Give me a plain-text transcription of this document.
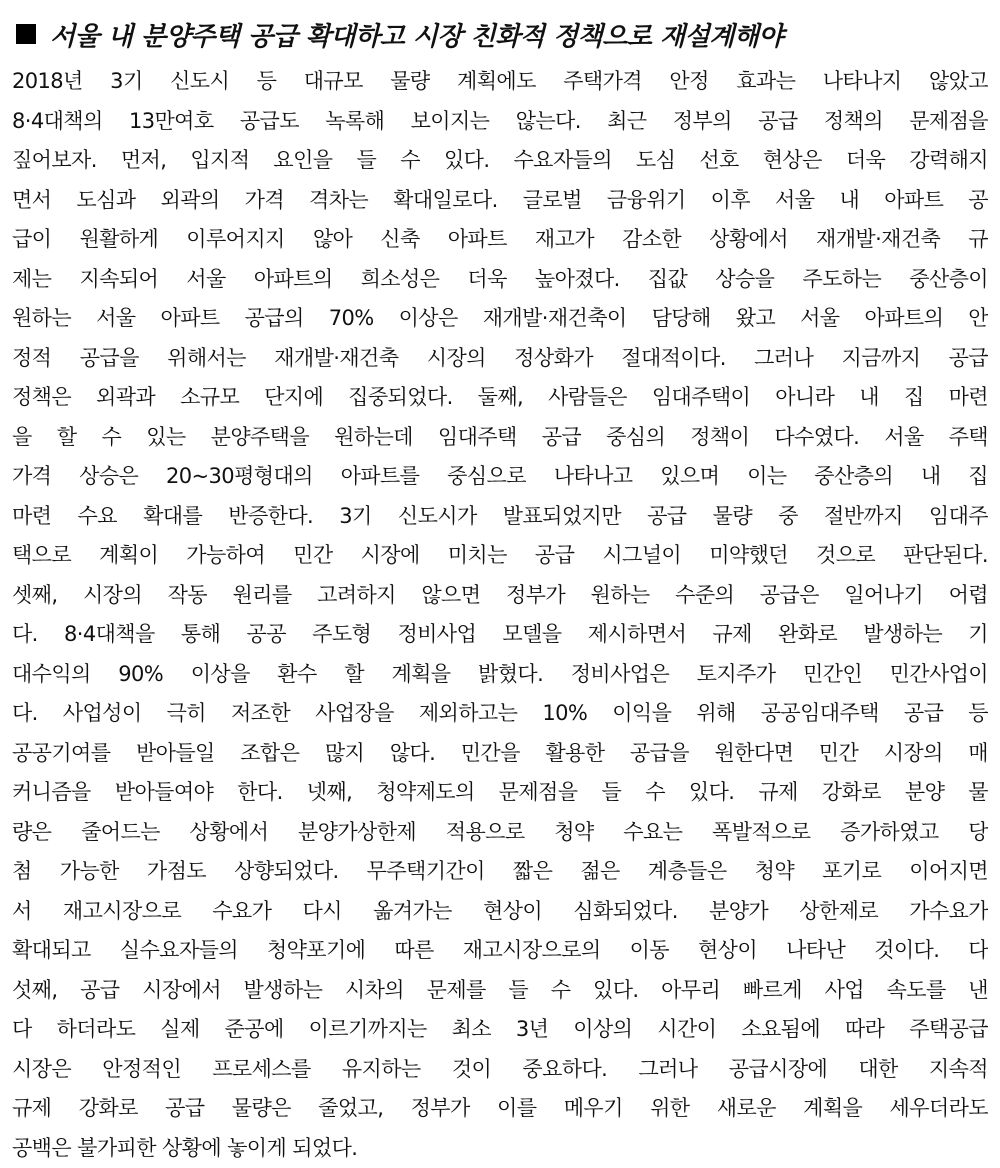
서울 내 분양주택 공급 확대하고 시장 친화적 정책으로 재설계해야
2018년 3기 신도시 등 대규모 물량 계획에도 주택가격 안정 효과는 나타나지 않았고
8·4대책의 13만여호 공급도 녹록해 보이지는 않는다. 최근 정부의 공급 정책의 문제점을
짚어보자. 먼저, 입지적 요인을 들 수 있다. 수요자들의 도심 선호 현상은 더욱 강력해지
면서 도심과 외곽의 가격 격차는 확대일로다. 글로벌 금융위기 이후 서울 내 아파트 공
급이 원활하게 이루어지지 않아 신축 아파트 재고가 감소한 상황에서 재개발·재건축 규
제는 지속되어 서울 아파트의 희소성은 더욱 높아졌다. 집값 상승을 주도하는 중산층이
원하는 서울 아파트 공급의 70% 이상은 재개발·재건축이 담당해 왔고 서울 아파트의 안
정적 공급을 위해서는 재개발·재건축 시장의 정상화가 절대적이다. 그러나 지금까지 공급
정책은 외곽과 소규모 단지에 집중되었다. 둘째, 사람들은 임대주택이 아니라 내 집 마련
을 할 수 있는 분양주택을 원하는데 임대주택 공급 중심의 정책이 다수였다. 서울 주택
가격 상승은 20~30평형대의 아파트를 중심으로 나타나고 있으며 이는 중산층의 내 집
마련 수요 확대를 반증한다. 3기 신도시가 발표되었지만 공급 물량 중 절반까지 임대주
택으로 계획이 가능하여 민간 시장에 미치는 공급 시그널이 미약했던 것으로 판단된다.
셋째, 시장의 작동 원리를 고려하지 않으면 정부가 원하는 수준의 공급은 일어나기 어렵
다. 8·4대책을 통해 공공 주도형 정비사업 모델을 제시하면서 규제 완화로 발생하는 기
대수익의 90% 이상을 환수 할 계획을 밝혔다. 정비사업은 토지주가 민간인 민간사업이
다. 사업성이 극히 저조한 사업장을 제외하고는 10% 이익을 위해 공공임대주택 공급 등
공공기여를 받아들일 조합은 많지 않다. 민간을 활용한 공급을 원한다면 민간 시장의 매
커니즘을 받아들여야 한다. 넷째, 청약제도의 문제점을 들 수 있다. 규제 강화로 분양 물
량은 줄어드는 상황에서 분양가상한제 적용으로 청약 수요는 폭발적으로 증가하였고 당
첨 가능한 가점도 상향되었다. 무주택기간이 짧은 젊은 계층들은 청약 포기로 이어지면
서 재고시장으로 수요가 다시 옮겨가는 현상이 심화되었다. 분양가 상한제로 가수요가
확대되고 실수요자들의 청약포기에 따른 재고시장으로의 이동 현상이 나타난 것이다. 다
섯째, 공급 시장에서 발생하는 시차의 문제를 들 수 있다. 아무리 빠르게 사업 속도를 낸
다 하더라도 실제 준공에 이르기까지는 최소 3년 이상의 시간이 소요됨에 따라 주택공급
시장은 안정적인 프로세스를 유지하는 것이 중요하다. 그러나 공급시장에 대한 지속적
규제 강화로 공급 물량은 줄었고, 정부가 이를 메우기 위한 새로운 계획을 세우더라도
공백은 불가피한 상황에 놓이게 되었다.
